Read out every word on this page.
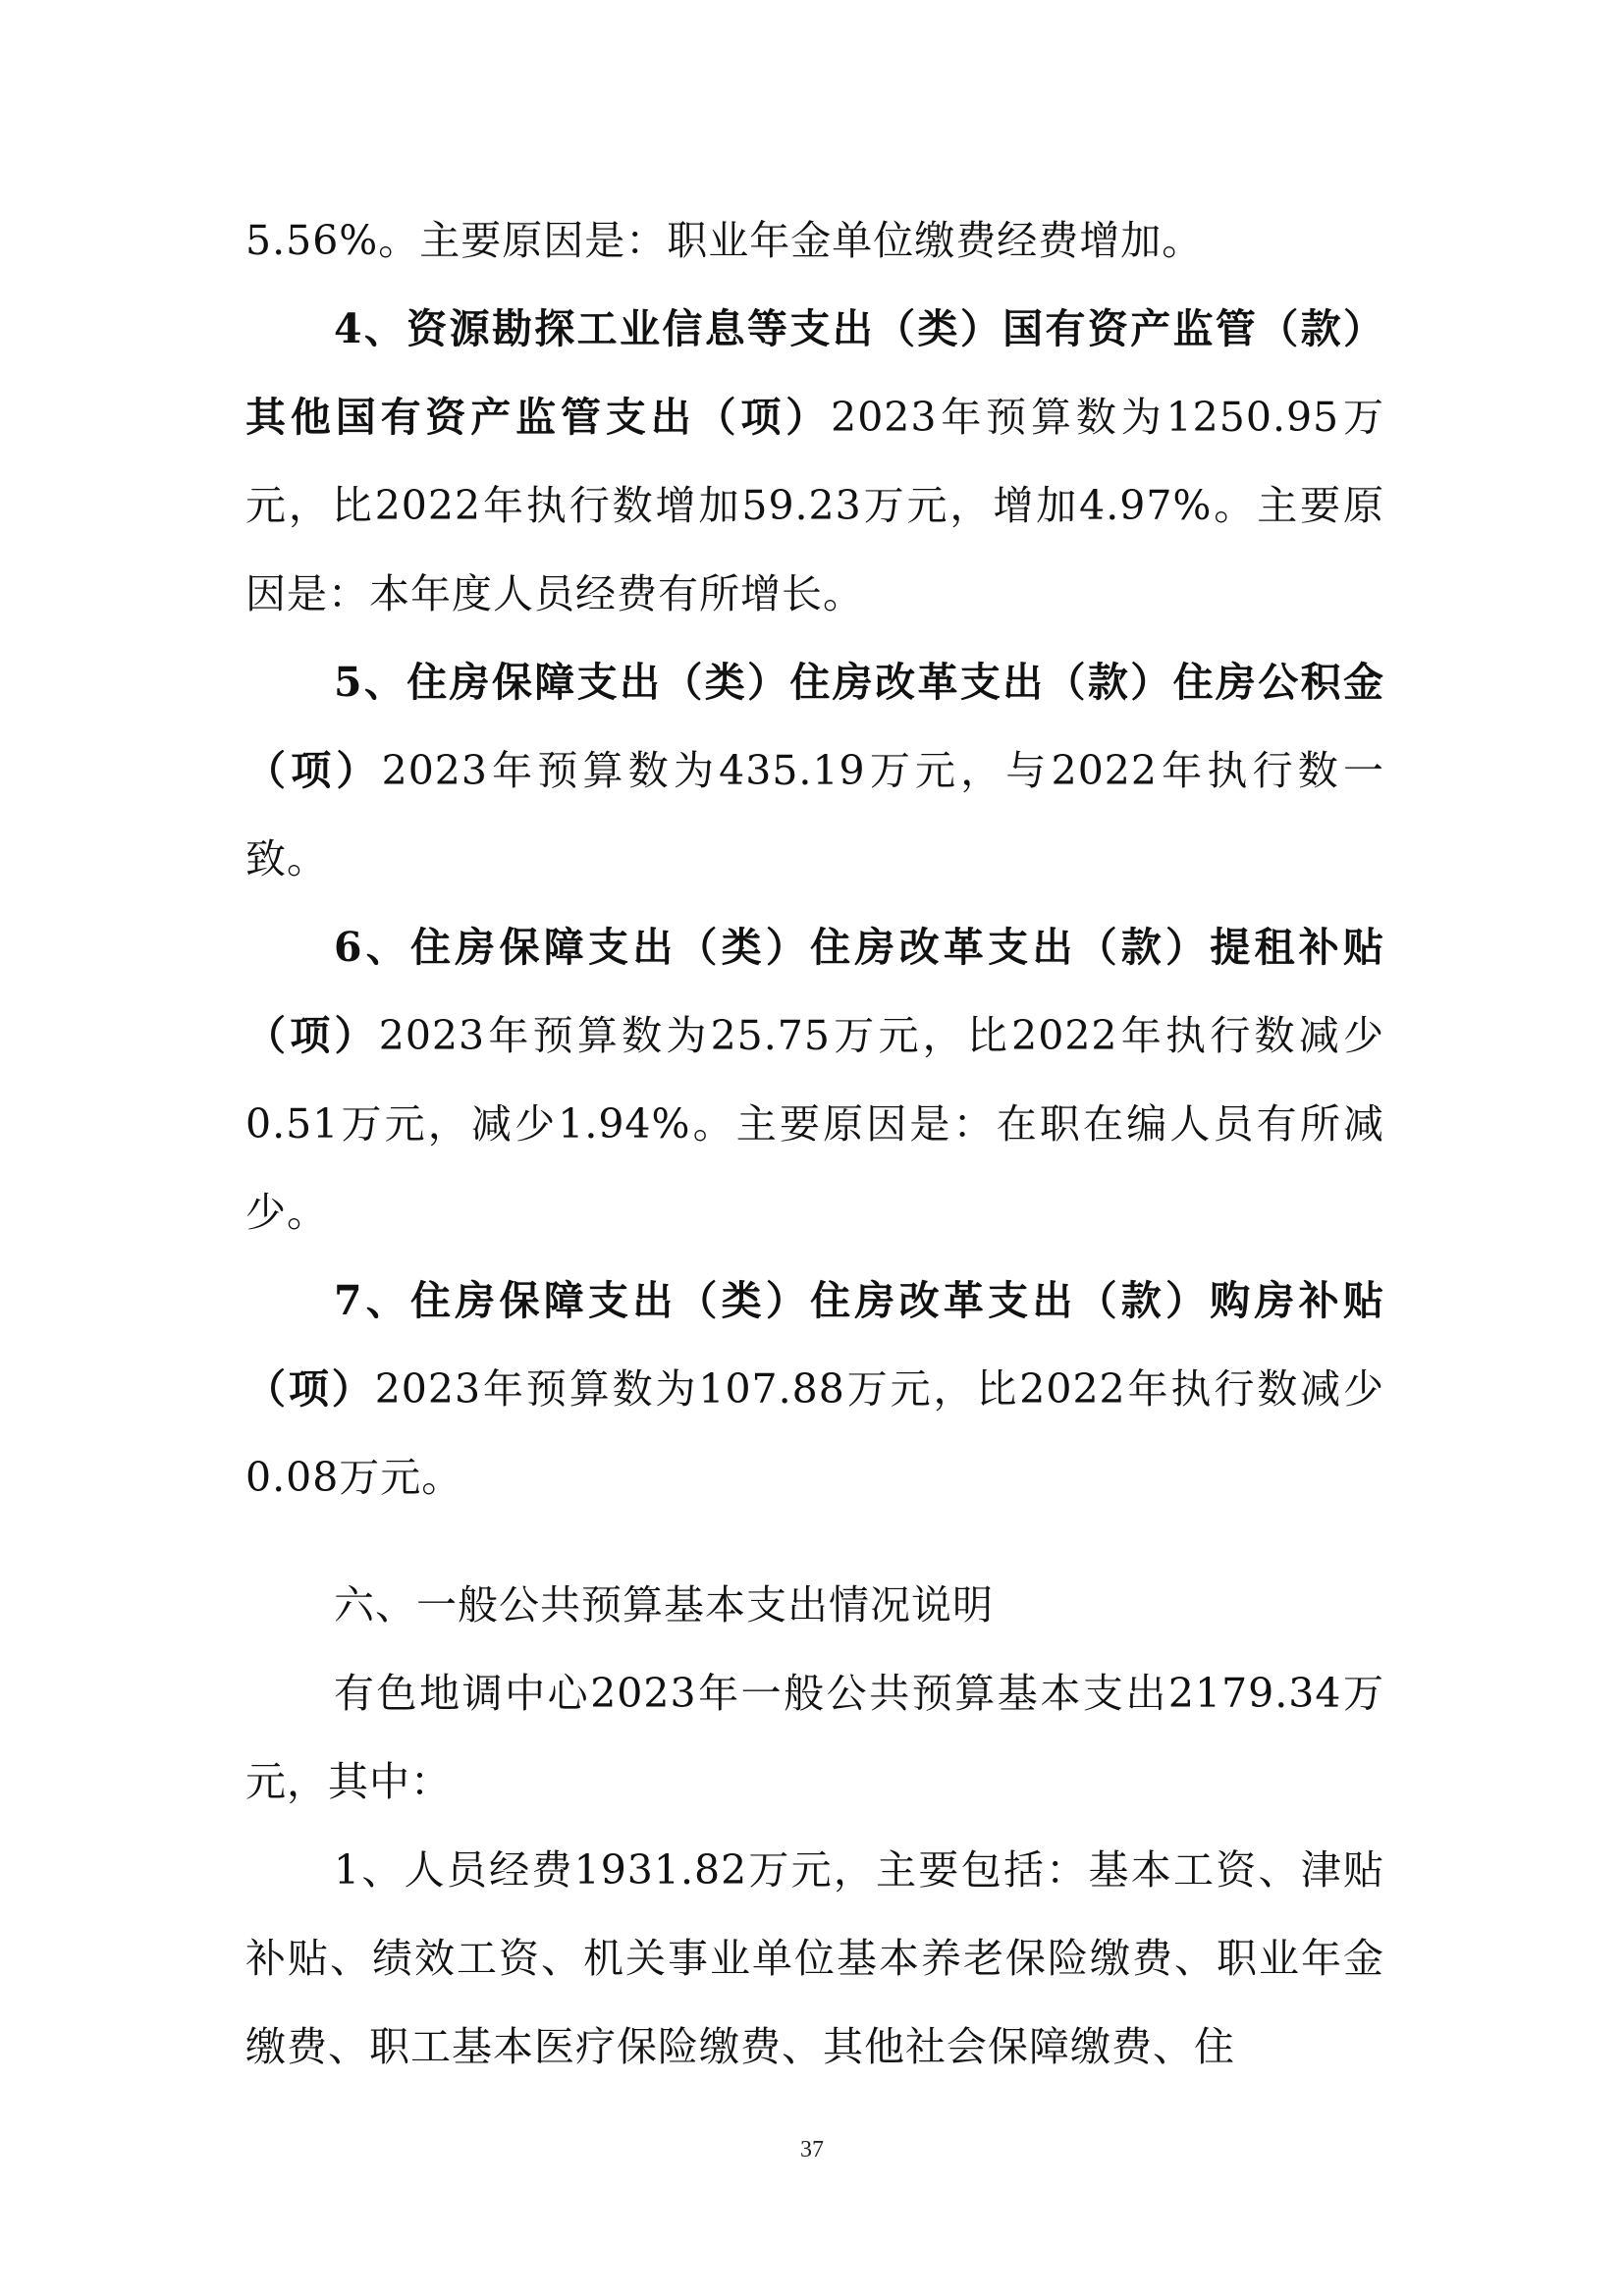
5.56%。主要原因是：职业年金单位缴费经费增加。

4、资源勘探工业信息等支出（类）国有资产监管（款）其他国有资产监管支出（项）2023年预算数为1250.95万元，比2022年执行数增加59.23万元，增加4.97%。主要原因是：本年度人员经费有所增长。

5、住房保障支出（类）住房改革支出（款）住房公积金（项）2023年预算数为435.19万元，与2022年执行数一致。

6、住房保障支出（类）住房改革支出（款）提租补贴（项）2023年预算数为25.75万元，比2022年执行数减少0.51万元，减少1.94%。主要原因是：在职在编人员有所减少。

7、住房保障支出（类）住房改革支出（款）购房补贴（项）2023年预算数为107.88万元，比2022年执行数减少0.08万元。

六、一般公共预算基本支出情况说明

有色地调中心2023年一般公共预算基本支出2179.34万元，其中：

1、人员经费1931.82万元，主要包括：基本工资、津贴补贴、绩效工资、机关事业单位基本养老保险缴费、职业年金缴费、职工基本医疗保险缴费、其他社会保障缴费、住

37
